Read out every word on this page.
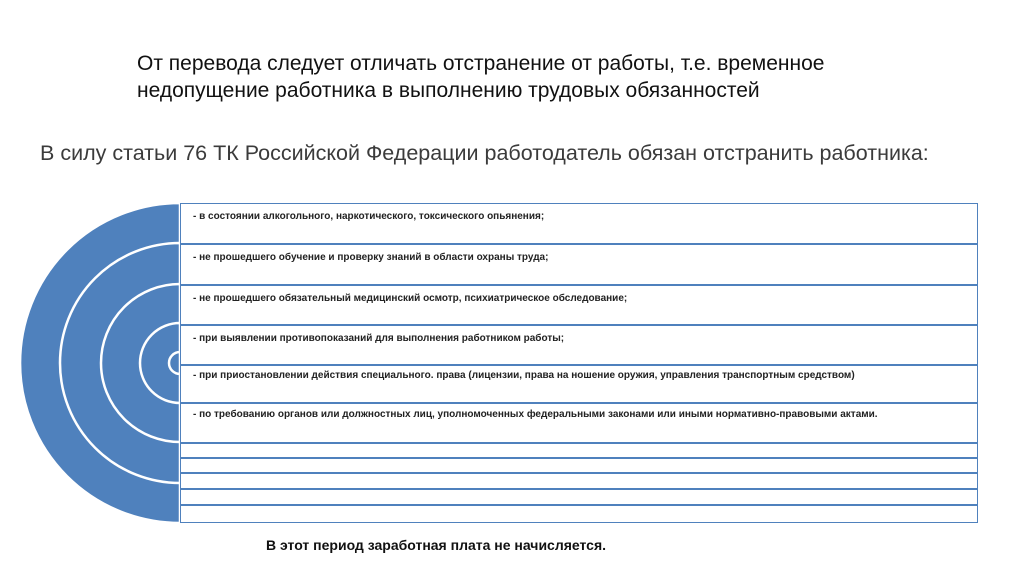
От перевода следует отличать отстранение от работы, т.е. временное недопущение работника в выполнению трудовых обязанностей
В силу статьи 76 ТК Российской Федерации работодатель обязан отстранить работника:
- в состоянии алкогольного, наркотического, токсического опьянения;
- не прошедшего обучение и проверку знаний в области охраны труда;
- не прошедшего обязательный медицинский осмотр, психиатрическое обследование;
- при выявлении противопоказаний для выполнения работником работы;
- при приостановлении действия специального. права (лицензии, права на ношение оружия, управления транспортным средством)
- по требованию органов или должностных лиц, уполномоченных федеральными законами или иными нормативно-правовыми актами.
В этот период заработная плата не начисляется.
